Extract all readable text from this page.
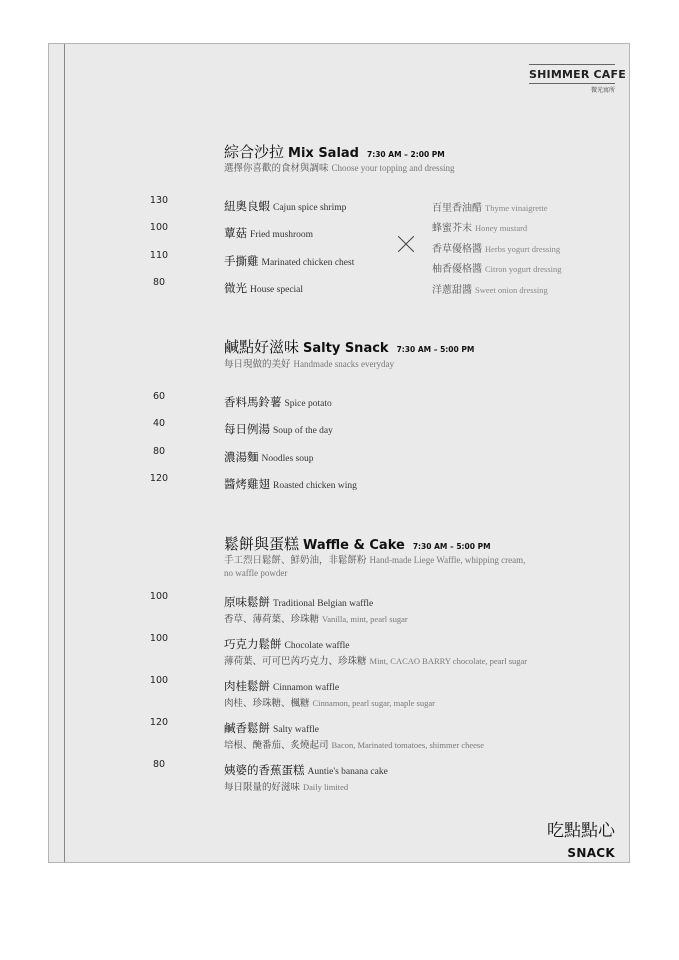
SHIMMER CAFE
微光寓所
綜合沙拉 Mix Salad 7:30 AM – 2:00 PM
選擇你喜歡的食材與調味 Choose your topping and dressing
130	紐奧良蝦 Cajun spice shrimp
100	蕈菇 Fried mushroom
110	手撕雞 Marinated chicken chest
80	微光 House special
百里香油醋 Thyme vinaigrette
蜂蜜芥末 Honey mustard
香草優格醬 Herbs yogurt dressing
柚香優格醬 Citron yogurt dressing
洋蔥甜醬 Sweet onion dressing
鹹點好滋味 Salty Snack 7:30 AM – 5:00 PM
每日現做的美好 Handmade snacks everyday
60	香料馬鈴薯 Spice potato
40	每日例湯 Soup of the day
80	濃湯麵 Noodles soup
120	醬烤雞翅 Roasted chicken wing
鬆餅與蛋糕 Waffle & Cake 7:30 AM – 5:00 PM
手工烈日鬆餅、鮮奶油，非鬆餅粉 Hand-made Liege Waffle, whipping cream,
no waffle powder
100	原味鬆餅 Traditional Belgian waffle
香草、薄荷葉、珍珠糖 Vanilla, mint, pearl sugar
100	巧克力鬆餅 Chocolate waffle
薄荷葉、可可巴芮巧克力、珍珠糖 Mint, CACAO BARRY chocolate, pearl sugar
100	肉桂鬆餅 Cinnamon waffle
肉桂、珍珠糖、楓糖 Cinnamon, pearl sugar, maple sugar
120	鹹香鬆餅 Salty waffle
培根、醃番茄、炙燒起司 Bacon, Marinated tomatoes, shimmer cheese
80	姨婆的香蕉蛋糕 Auntie's banana cake
每日限量的好滋味 Daily limited
吃點點心
SNACK
